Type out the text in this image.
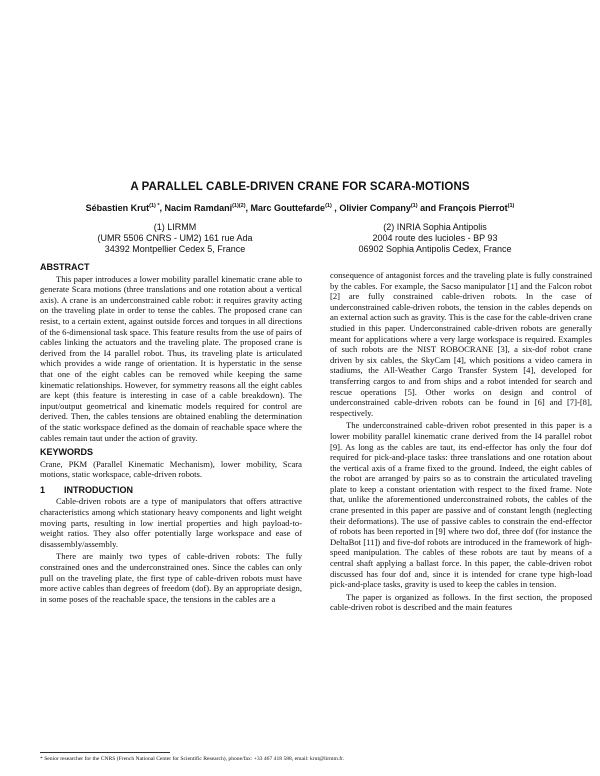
A PARALLEL CABLE-DRIVEN CRANE FOR SCARA-MOTIONS
Sébastien Krut$^{(1) *}$, Nacim Ramdani$^{(1)(2)}$, Marc Gouttefarde$^{(1)}$ , Olivier Company$^{(1)}$ and François Pierrot$^{(1)}$
(1) LIRMM
(UMR 5506 CNRS - UM2) 161 rue Ada
34392 Montpellier Cedex 5, France
(2) INRIA Sophia Antipolis
2004 route des lucioles - BP 93
06902 Sophia Antipolis Cedex, France
ABSTRACT

This paper introduces a lower mobility parallel kinematic crane able to generate Scara motions (three translations and one rotation about a vertical axis). A crane is an underconstrained cable robot: it requires gravity acting on the traveling plate in order to tense the cables. The proposed crane can resist, to a certain extent, against outside forces and torques in all directions of the 6-dimensional task space. This feature results from the use of pairs of cables linking the actuators and the traveling plate. The proposed crane is derived from the I4 parallel robot. Thus, its traveling plate is articulated which provides a wide range of orientation. It is hyperstatic in the sense that one of the eight cables can be removed while keeping the same kinematic relationships. However, for symmetry reasons all the eight cables are kept (this feature is interesting in case of a cable breakdown). The input/output geometrical and kinematic models required for control are derived. Then, the cables tensions are obtained enabling the determination of the static workspace defined as the domain of reachable space where the cables remain taut under the action of gravity.

KEYWORDS

Crane, PKM (Parallel Kinematic Mechanism), lower mobility, Scara motions, static workspace, cable-driven robots.

1 INTRODUCTION

Cable-driven robots are a type of manipulators that offers attractive characteristics among which stationary heavy components and light weight moving parts, resulting in low inertial properties and high payload-to-weight ratios. They also offer potentially large workspace and ease of disassembly/assembly.

There are mainly two types of cable-driven robots: The fully constrained ones and the underconstrained ones. Since the cables can only pull on the traveling plate, the first type of cable-driven robots must have more active cables than degrees of freedom (dof). By an appropriate design, in some poses of the reachable space, the tensions in the cables are a

consequence of antagonist forces and the traveling plate is fully constrained by the cables. For example, the Sacso manipulator [1] and the Falcon robot [2] are fully constrained cable-driven robots. In the case of underconstrained cable-driven robots, the tension in the cables depends on an external action such as gravity. This is the case for the cable-driven crane studied in this paper. Underconstrained cable-driven robots are generally meant for applications where a very large workspace is required. Examples of such robots are the NIST ROBOCRANE [3], a six-dof robot crane driven by six cables, the SkyCam [4], which positions a video camera in stadiums, the All-Weather Cargo Transfer System [4], developed for transferring cargos to and from ships and a robot intended for search and rescue operations [5]. Other works on design and control of underconstrained cable-driven robots can be found in [6] and [7]-[8], respectively.

The underconstrained cable-driven robot presented in this paper is a lower mobility parallel kinematic crane derived from the I4 parallel robot [9]. As long as the cables are taut, its end-effector has only the four dof required for pick-and-place tasks: three translations and one rotation about the vertical axis of a frame fixed to the ground. Indeed, the eight cables of the robot are arranged by pairs so as to constrain the articulated traveling plate to keep a constant orientation with respect to the fixed frame. Note that, unlike the aforementioned underconstrained robots, the cables of the crane presented in this paper are passive and of constant length (neglecting their deformations). The use of passive cables to constrain the end-effector of robots has been reported in [9] where two dof, three dof (for instance the DeltaBot [11]) and five-dof robots are introduced in the framework of high-speed manipulation. The cables of these robots are taut by means of a central shaft applying a ballast force. In this paper, the cable-driven robot discussed has four dof and, since it is intended for crane type high-load pick-and-place tasks, gravity is used to keep the cables in tension.

The paper is organized as follows. In the first section, the proposed cable-driven robot is described and the main features

* Senior researcher for the CNRS (French National Center for Scientific Research), phone/fax: +33 467 418 588, email: krut@lirmm.fr.
